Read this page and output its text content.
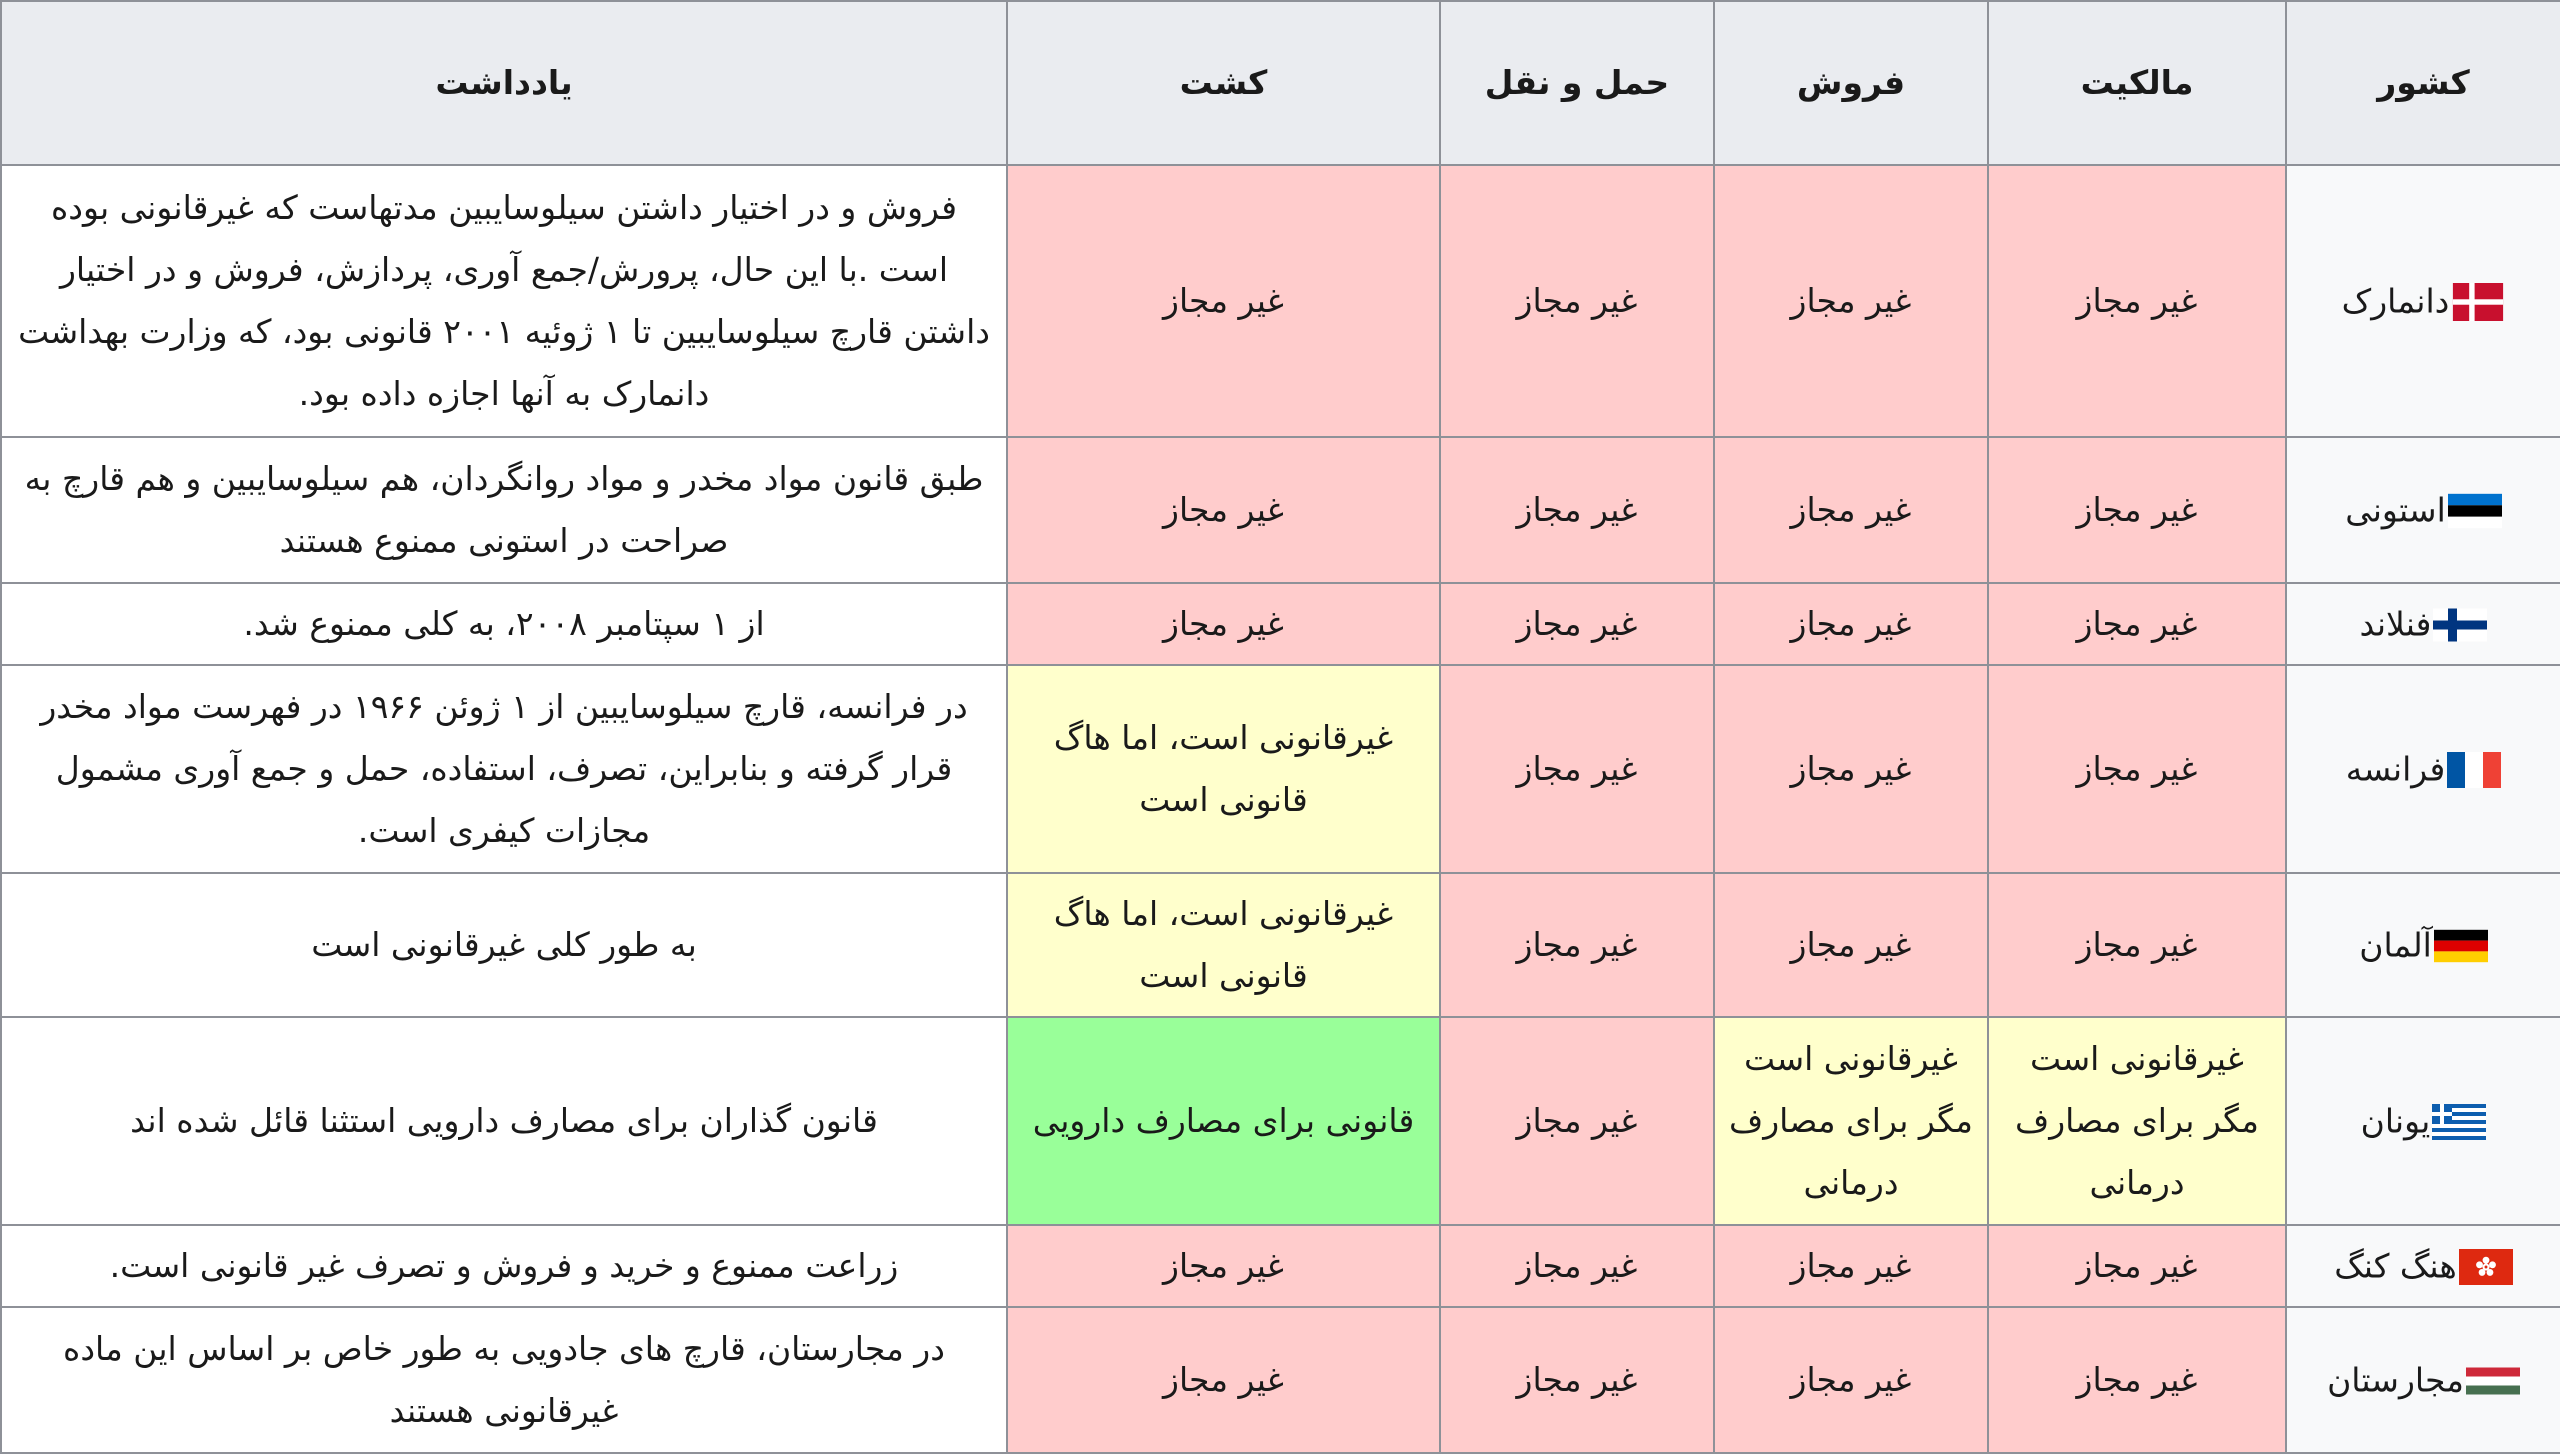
کشور	مالکیت	فروش	حمل و نقل	کشت	یادداشت

دانمارک	غیر مجاز	غیر مجاز	غیر مجاز	غیر مجاز	فروش و در اختیار داشتن سیلوسایبین مدتهاست که غیرقانونی بوده است .با این حال، پرورش/جمع آوری، پردازش، فروش و در اختیار داشتن قارچ سیلوسایبین تا ۱ ژوئیه ۲۰۰۱ قانونی بود، که وزارت بهداشت دانمارک به آنها اجازه داده بود.

استونی	غیر مجاز	غیر مجاز	غیر مجاز	غیر مجاز	طبق قانون مواد مخدر و مواد روانگردان، هم سیلوسایبین و هم قارچ به صراحت در استونی ممنوع هستند

فنلاند	غیر مجاز	غیر مجاز	غیر مجاز	غیر مجاز	از ۱ سپتامبر ۲۰۰۸، به کلی ممنوع شد.

فرانسه	غیر مجاز	غیر مجاز	غیر مجاز	غیرقانونی است، اما هاگ قانونی است	در فرانسه، قارچ سیلوسایبین از ۱ ژوئن ۱۹۶۶ در فهرست مواد مخدر قرار گرفته و بنابراین، تصرف، استفاده، حمل و جمع آوری مشمول مجازات کیفری است.

آلمان	غیر مجاز	غیر مجاز	غیر مجاز	غیرقانونی است، اما هاگ قانونی است	به طور کلی غیرقانونی است

یونان	غیرقانونی است مگر برای مصارف درمانی	غیرقانونی است مگر برای مصارف درمانی	غیر مجاز	قانونی برای مصارف دارویی	قانون گذاران برای مصارف دارویی استثنا قائل شده اند

هنگ کنگ	غیر مجاز	غیر مجاز	غیر مجاز	غیر مجاز	زراعت ممنوع و خرید و فروش و تصرف غیر قانونی است.

مجارستان	غیر مجاز	غیر مجاز	غیر مجاز	غیر مجاز	در مجارستان، قارچ های جادویی به طور خاص بر اساس این ماده غیرقانونی هستند
